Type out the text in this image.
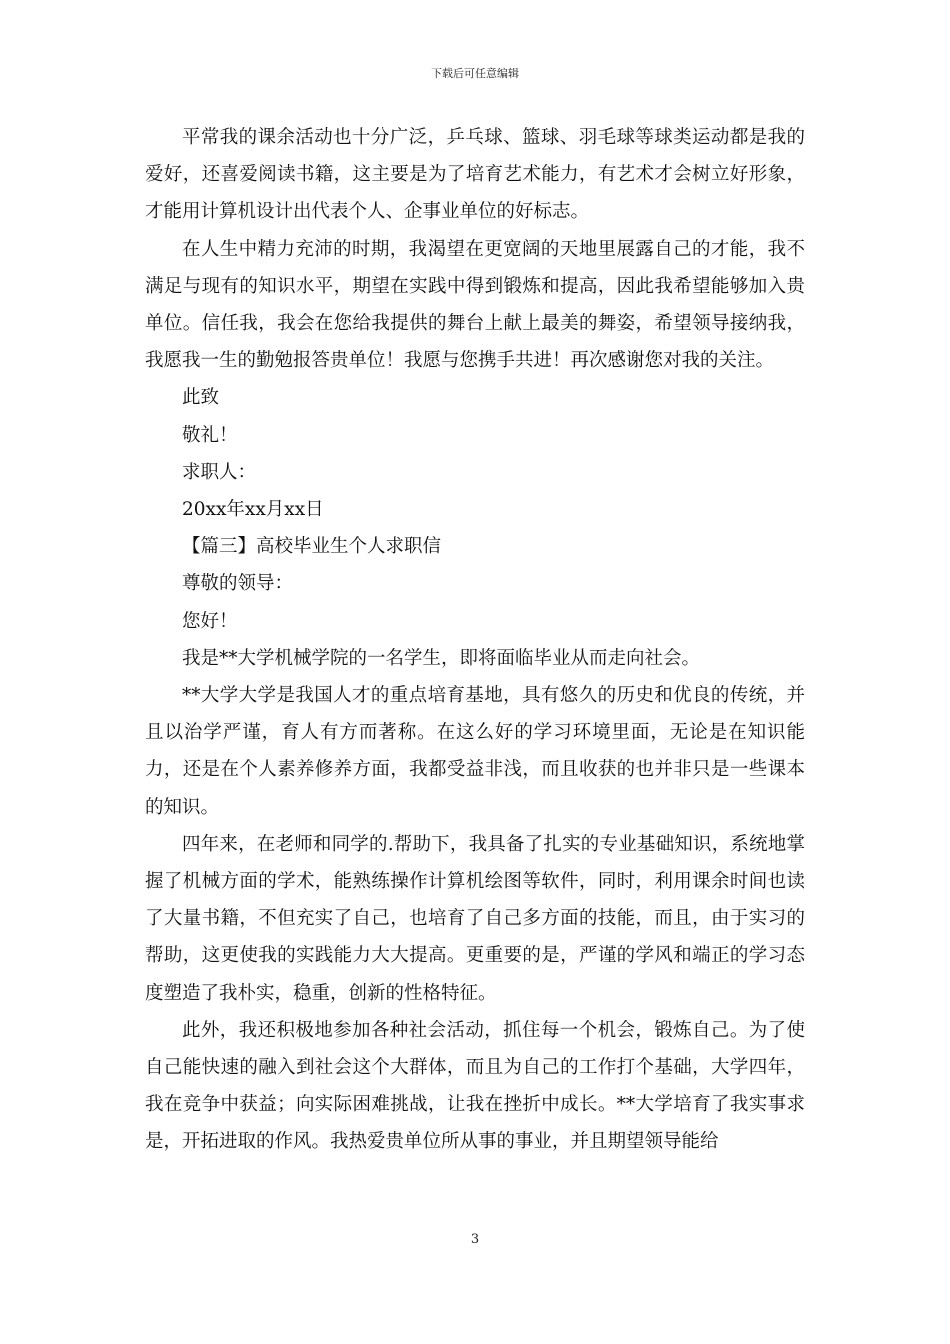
下载后可任意编辑

平常我的课余活动也十分广泛，乒乓球、篮球、羽毛球等球类运动都是我的爱好，还喜爱阅读书籍，这主要是为了培育艺术能力，有艺术才会树立好形象，才能用计算机设计出代表个人、企事业单位的好标志。

在人生中精力充沛的时期，我渴望在更宽阔的天地里展露自己的才能，我不满足与现有的知识水平，期望在实践中得到锻炼和提高，因此我希望能够加入贵单位。信任我，我会在您给我提供的舞台上献上最美的舞姿，希望领导接纳我，我愿我一生的勤勉报答贵单位！我愿与您携手共进！再次感谢您对我的关注。

此致

敬礼！

求职人：

20xx年xx月xx日

【篇三】高校毕业生个人求职信

尊敬的领导：

您好！

我是**大学机械学院的一名学生，即将面临毕业从而走向社会。

**大学大学是我国人才的重点培育基地，具有悠久的历史和优良的传统，并且以治学严谨，育人有方而著称。在这么好的学习环境里面，无论是在知识能力，还是在个人素养修养方面，我都受益非浅，而且收获的也并非只是一些课本的知识。

四年来，在老师和同学的.帮助下，我具备了扎实的专业基础知识，系统地掌握了机械方面的学术，能熟练操作计算机绘图等软件，同时，利用课余时间也读了大量书籍，不但充实了自己，也培育了自己多方面的技能，而且，由于实习的帮助，这更使我的实践能力大大提高。更重要的是，严谨的学风和端正的学习态度塑造了我朴实，稳重，创新的性格特征。

此外，我还积极地参加各种社会活动，抓住每一个机会，锻炼自己。为了使自己能快速的融入到社会这个大群体，而且为自己的工作打个基础，大学四年，我在竞争中获益；向实际困难挑战，让我在挫折中成长。**大学培育了我实事求是，开拓进取的作风。我热爱贵单位所从事的事业，并且期望领导能给

3
